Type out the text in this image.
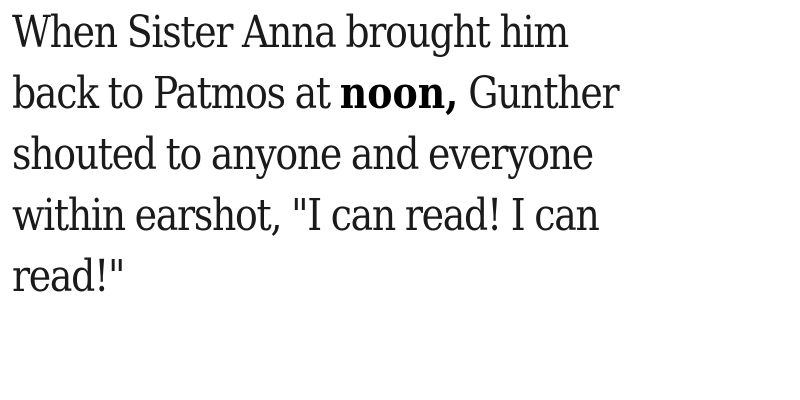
When Sister Anna brought him
back to Patmos at noon, Gunther
shouted to anyone and everyone
within earshot, "I can read! I can
read!"
